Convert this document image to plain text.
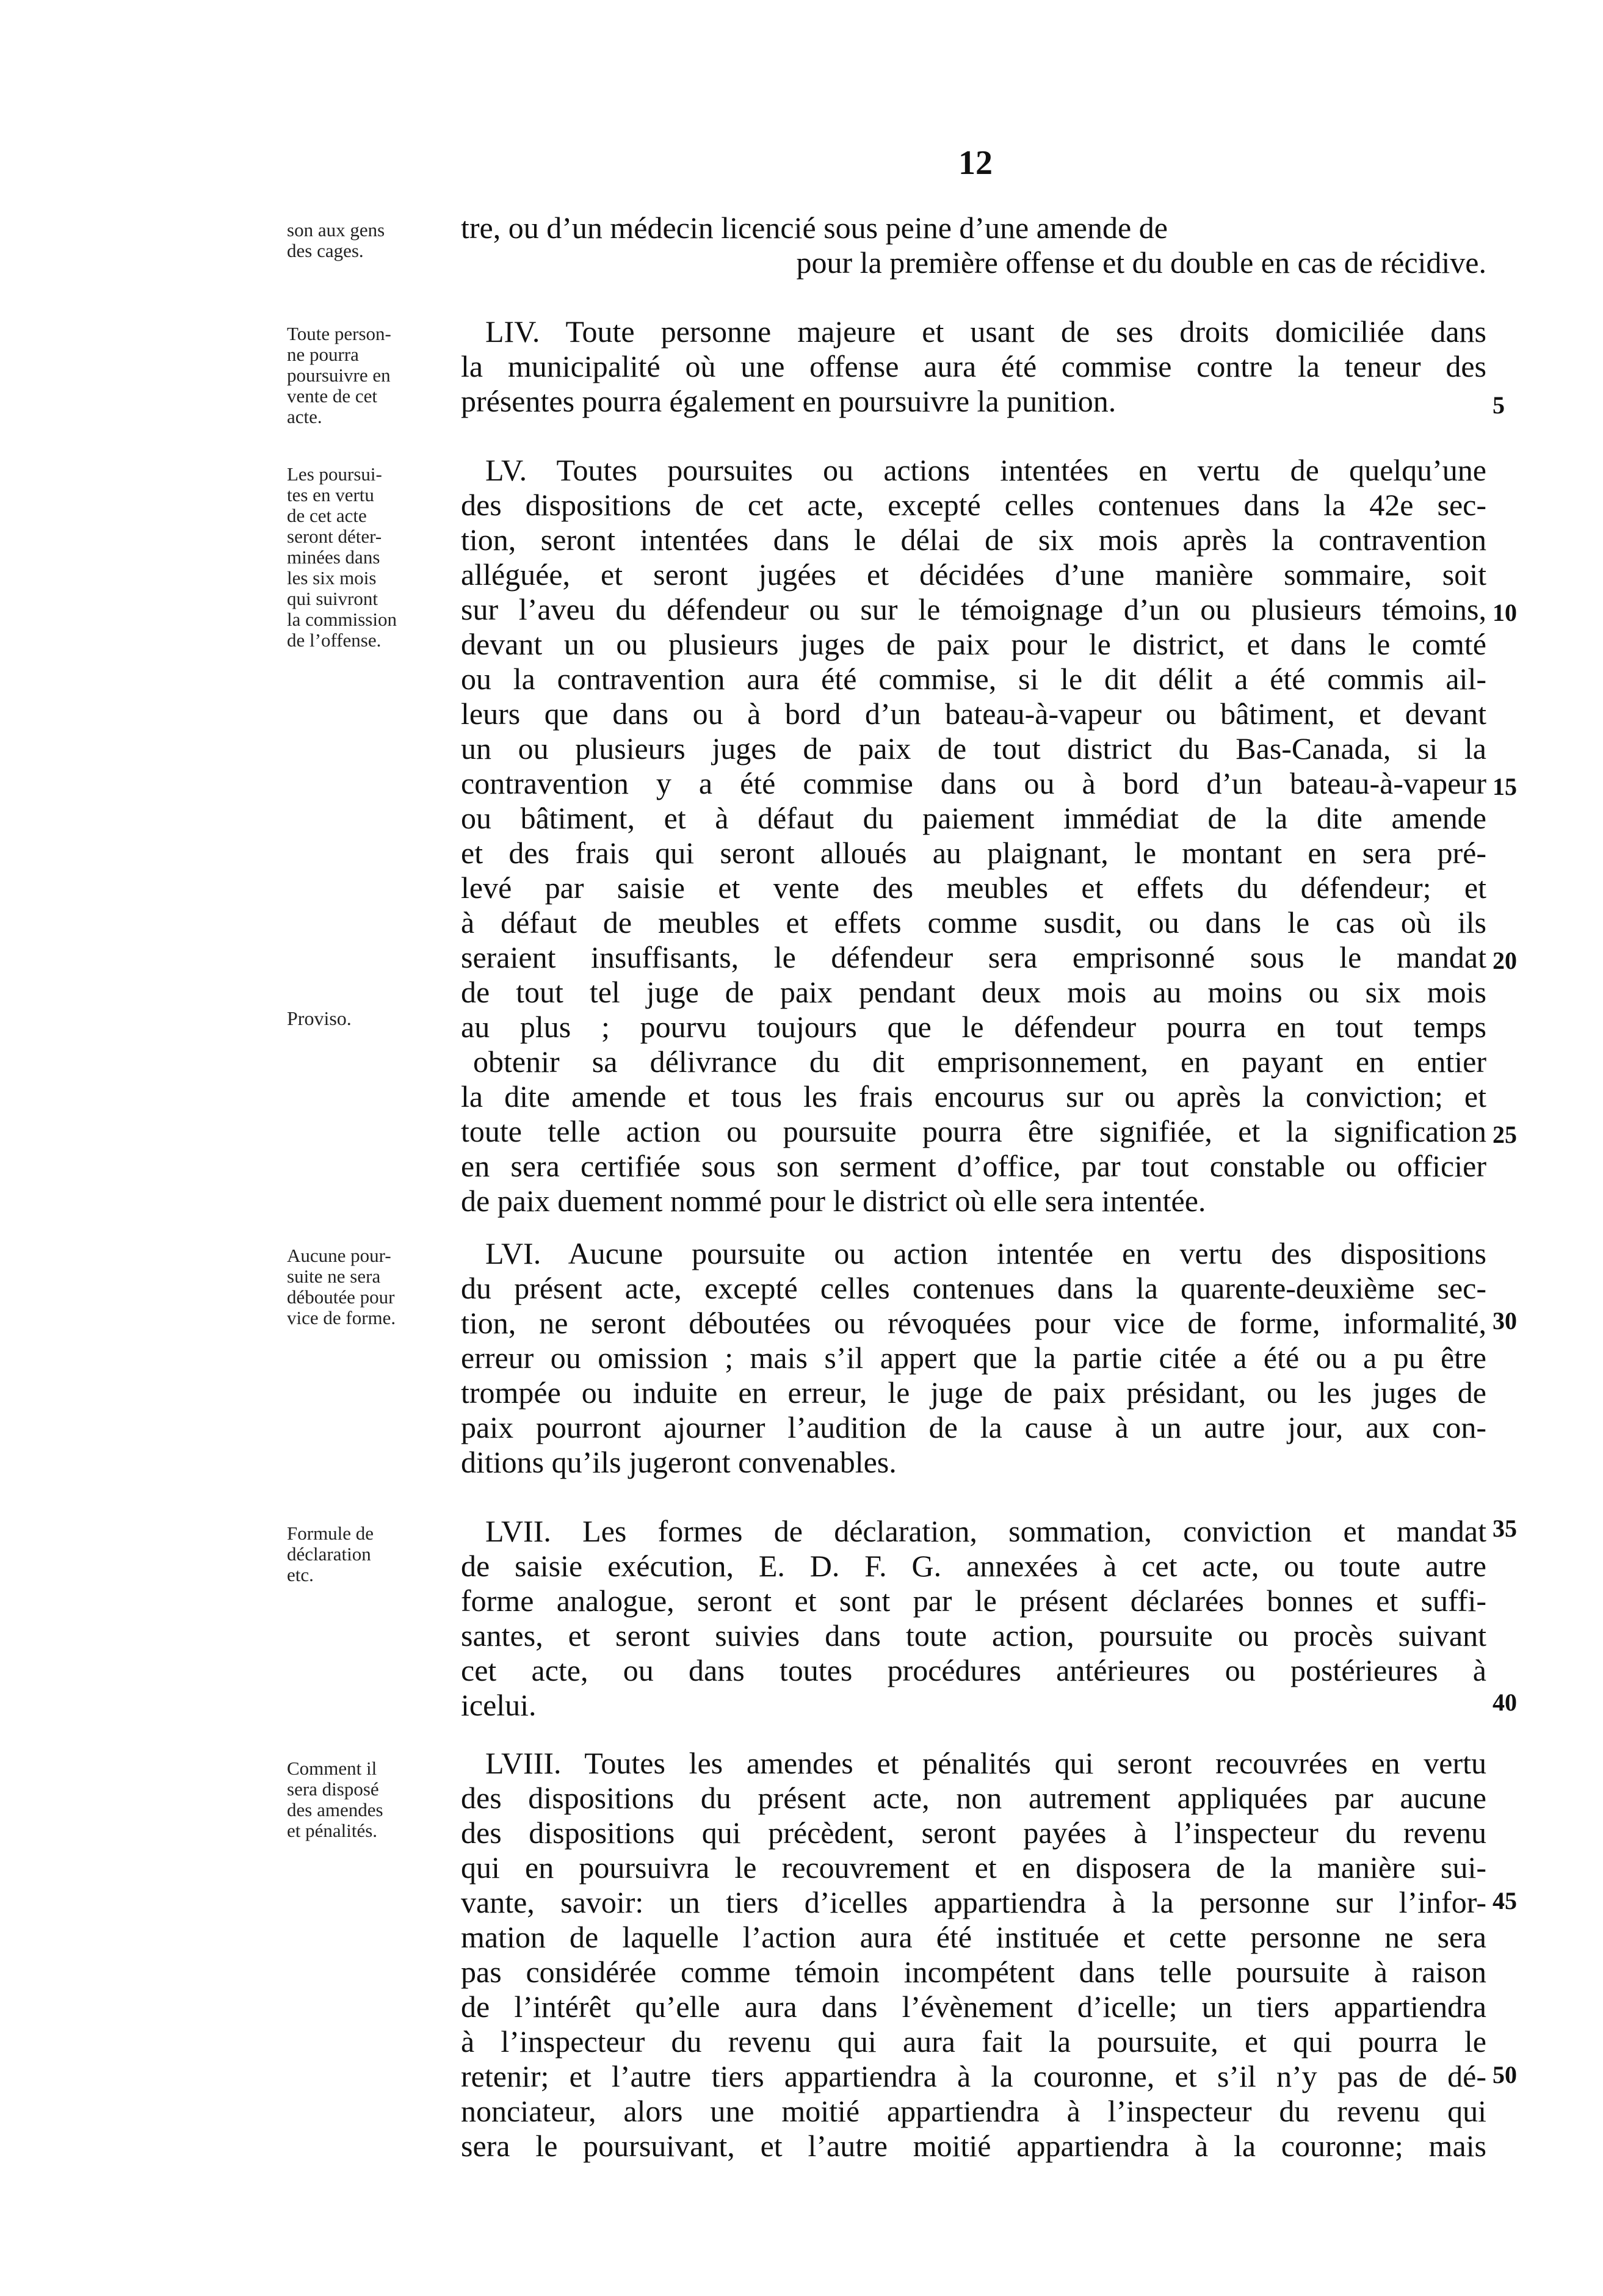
12
son aux gens
des cages.
tre, ou d’un médecin licencié sous peine d’une amende de
pour la première offense et du double en cas de récidive.
Toute person-
ne pourra
poursuivre en
vente de cet
acte.
LIV. Toute personne majeure et usant de ses droits domiciliée dans
la municipalité où une offense aura été commise contre la teneur des
présentes pourra également en poursuivre la punition.
Les poursui-
tes en vertu
de cet acte
seront déter-
minées dans
les six mois
qui suivront
la commission
de l’offense.
Proviso.
LV. Toutes poursuites ou actions intentées en vertu de quelqu’une
des dispositions de cet acte, excepté celles contenues dans la 42e sec-
tion, seront intentées dans le délai de six mois après la contravention
alléguée, et seront jugées et décidées d’une manière sommaire, soit
sur l’aveu du défendeur ou sur le témoignage d’un ou plusieurs témoins,
devant un ou plusieurs juges de paix pour le district, et dans le comté
ou la contravention aura été commise, si le dit délit a été commis ail-
leurs que dans ou à bord d’un bateau-à-vapeur ou bâtiment, et devant
un ou plusieurs juges de paix de tout district du Bas-Canada, si la
contravention y a été commise dans ou à bord d’un bateau-à-vapeur
ou bâtiment, et à défaut du paiement immédiat de la dite amende
et des frais qui seront alloués au plaignant, le montant en sera pré-
levé par saisie et vente des meubles et effets du défendeur; et
à défaut de meubles et effets comme susdit, ou dans le cas où ils
seraient insuffisants, le défendeur sera emprisonné sous le mandat
de tout tel juge de paix pendant deux mois au moins ou six mois
au plus ; pourvu toujours que le défendeur pourra en tout temps
obtenir sa délivrance du dit emprisonnement, en payant en entier
la dite amende et tous les frais encourus sur ou après la conviction; et
toute telle action ou poursuite pourra être signifiée, et la signification
en sera certifiée sous son serment d’office, par tout constable ou officier
de paix duement nommé pour le district où elle sera intentée.
Aucune pour-
suite ne sera
déboutée pour
vice de forme.
LVI. Aucune poursuite ou action intentée en vertu des dispositions
du présent acte, excepté celles contenues dans la quarente-deuxième sec-
tion, ne seront déboutées ou révoquées pour vice de forme, informalité,
erreur ou omission ; mais s’il appert que la partie citée a été ou a pu être
trompée ou induite en erreur, le juge de paix présidant, ou les juges de
paix pourront ajourner l’audition de la cause à un autre jour, aux con-
ditions qu’ils jugeront convenables.
Formule de
déclaration
etc.
LVII. Les formes de déclaration, sommation, conviction et mandat
de saisie exécution, E. D. F. G. annexées à cet acte, ou toute autre
forme analogue, seront et sont par le présent déclarées bonnes et suffi-
santes, et seront suivies dans toute action, poursuite ou procès suivant
cet acte, ou dans toutes procédures antérieures ou postérieures à
icelui.
Comment il
sera disposé
des amendes
et pénalités.
LVIII. Toutes les amendes et pénalités qui seront recouvrées en vertu
des dispositions du présent acte, non autrement appliquées par aucune
des dispositions qui précèdent, seront payées à l’inspecteur du revenu
qui en poursuivra le recouvrement et en disposera de la manière sui-
vante, savoir: un tiers d’icelles appartiendra à la personne sur l’infor-
mation de laquelle l’action aura été instituée et cette personne ne sera
pas considérée comme témoin incompétent dans telle poursuite à raison
de l’intérêt qu’elle aura dans l’évènement d’icelle; un tiers appartiendra
à l’inspecteur du revenu qui aura fait la poursuite, et qui pourra le
retenir; et l’autre tiers appartiendra à la couronne, et s’il n’y pas de dé-
nonciateur, alors une moitié appartiendra à l’inspecteur du revenu qui
sera le poursuivant, et l’autre moitié appartiendra à la couronne; mais
5
10
15
20
25
30
35
40
45
50
